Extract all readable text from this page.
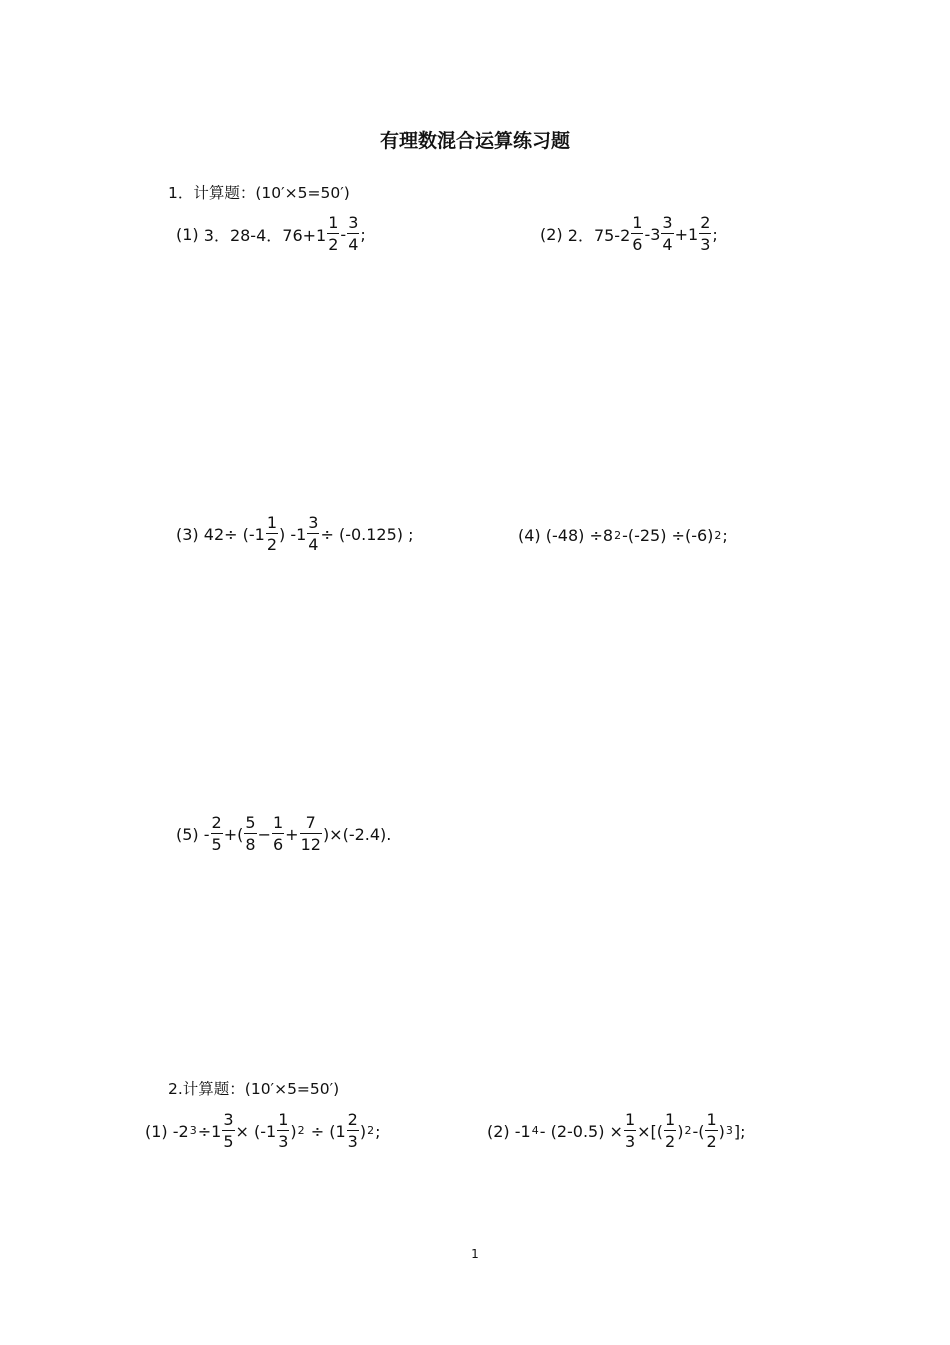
有理数混合运算练习题
1．计算题：(10′×5=50′)
(1)
3．28-4．$76+1 \frac{1}{2} - \frac{3}{4}$ ;	(2)
2．$75-2 \frac{1}{6} -3 \frac{3}{4} +1 \frac{2}{3}$ ;
(3)
$42\div (-1 \frac{1}{2}$ ) $-1 \frac{3}{4} \div (-0.125)$ ;	(4)
(-48) ÷8 2 -(-25) ÷(-6) 2 ;
(5)
- $\frac{2}{5}$ +( $\frac{5}{8} - \frac{1}{6} + \frac{7}{12} )\times(-2.4)$.
2.计算题：(10′×5=50′)
(1)
-2 $3 \div 1 \frac{3}{5} \times (-1 \frac{1}{3}$ ) 2
÷ ($1 \frac{2}{3}$ ) 2 ;	(2)
-1 $4 - (2-0.5) \times \frac{1}{3}$ ×[( $\frac{1}{2}$ ) 2 -( $\frac{1}{2}$ ) 3 ];
1
